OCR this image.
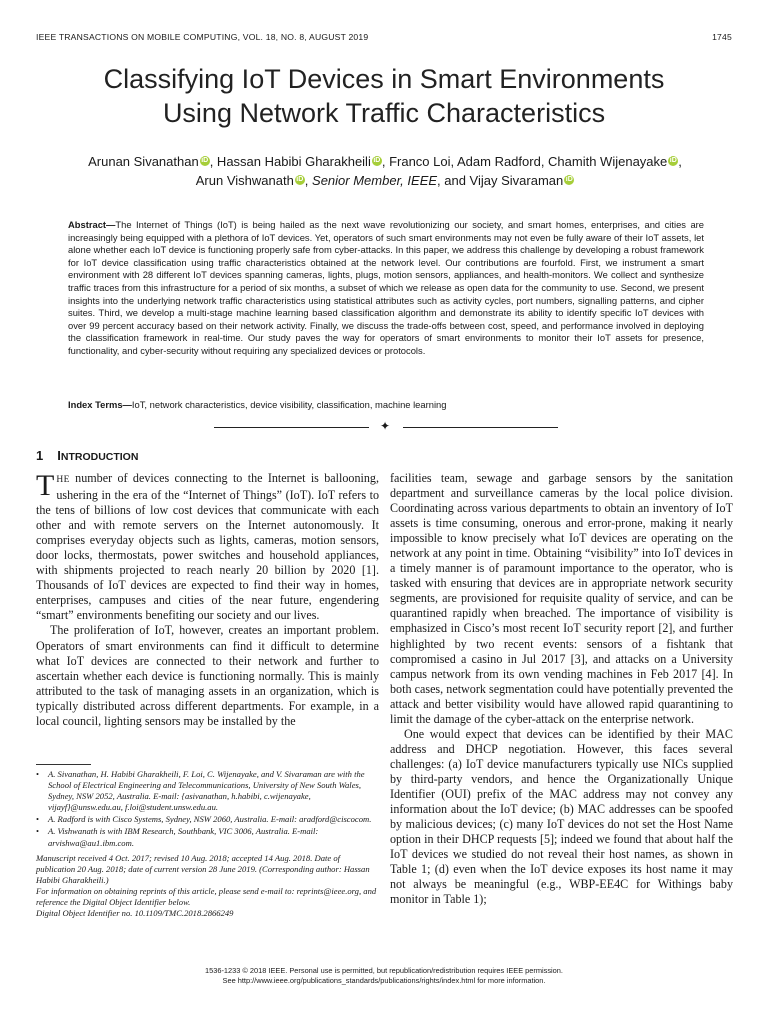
IEEE TRANSACTIONS ON MOBILE COMPUTING, VOL. 18, NO. 8, AUGUST 2019	1745
Classifying IoT Devices in Smart Environments
Using Network Traffic Characteristics
Arunan Sivanathan iD , Hassan Habibi Gharakheili iD , Franco Loi, Adam Radford, Chamith Wijenayake iD ,
Arun Vishwanath iD , Senior Member, IEEE, and Vijay Sivaraman iD
Abstract—The Internet of Things (IoT) is being hailed as the next wave revolutionizing our society, and smart homes, enterprises, and cities are increasingly being equipped with a plethora of IoT devices. Yet, operators of such smart environments may not even be fully aware of their IoT assets, let alone whether each IoT device is functioning properly safe from cyber-attacks. In this paper, we address this challenge by developing a robust framework for IoT device classification using traffic characteristics obtained at the network level. Our contributions are fourfold. First, we instrument a smart environment with 28 different IoT devices spanning cameras, lights, plugs, motion sensors, appliances, and health-monitors. We collect and synthesize traffic traces from this infrastructure for a period of six months, a subset of which we release as open data for the community to use. Second, we present insights into the underlying network traffic characteristics using statistical attributes such as activity cycles, port numbers, signalling patterns, and cipher suites. Third, we develop a multi-stage machine learning based classification algorithm and demonstrate its ability to identify specific IoT devices with over 99 percent accuracy based on their network activity. Finally, we discuss the trade-offs between cost, speed, and performance involved in deploying the classification framework in real-time. Our study paves the way for operators of smart environments to monitor their IoT assets for presence, functionality, and cyber-security without requiring any specialized devices or protocols.
Index Terms—IoT, network characteristics, device visibility, classification, machine learning
✦
1 INTRODUCTION

THE number of devices connecting to the Internet is ballooning, ushering in the era of the “Internet of Things” (IoT). IoT refers to the tens of billions of low cost devices that communicate with each other and with remote servers on the Internet autonomously. It comprises everyday objects such as lights, cameras, motion sensors, door locks, thermostats, power switches and household appliances, with shipments projected to reach nearly 20 billion by 2020 [1]. Thousands of IoT devices are expected to find their way in homes, enterprises, campuses and cities of the near future, engendering “smart” environments benefiting our society and our lives.

The proliferation of IoT, however, creates an important problem. Operators of smart environments can find it difficult to determine what IoT devices are connected to their network and further to ascertain whether each device is functioning normally. This is mainly attributed to the task of managing assets in an organization, which is typically distributed across different departments. For example, in a local council, lighting sensors may be installed by the

facilities team, sewage and garbage sensors by the sanitation department and surveillance cameras by the local police division. Coordinating across various departments to obtain an inventory of IoT assets is time consuming, onerous and error-prone, making it nearly impossible to know precisely what IoT devices are operating on the network at any point in time. Obtaining “visibility” into IoT devices in a timely manner is of paramount importance to the operator, who is tasked with ensuring that devices are in appropriate network security segments, are provisioned for requisite quality of service, and can be quarantined rapidly when breached. The importance of visibility is emphasized in Cisco’s most recent IoT security report [2], and further highlighted by two recent events: sensors of a fishtank that compromised a casino in Jul 2017 [3], and attacks on a University campus network from its own vending machines in Feb 2017 [4]. In both cases, network segmentation could have potentially prevented the attack and better visibility would have allowed rapid quarantining to limit the damage of the cyber-attack on the enterprise network.

One would expect that devices can be identified by their MAC address and DHCP negotiation. However, this faces several challenges: (a) IoT device manufacturers typically use NICs supplied by third-party vendors, and hence the Organizationally Unique Identifier (OUI) prefix of the MAC address may not convey any information about the IoT device; (b) MAC addresses can be spoofed by malicious devices; (c) many IoT devices do not set the Host Name option in their DHCP requests [5]; indeed we found that about half the IoT devices we studied do not reveal their host names, as shown in Table 1; (d) even when the IoT device exposes its host name it may not always be meaningful (e.g., WBP-EE4C for Withings baby monitor in Table 1);

• A. Sivanathan, H. Habibi Gharakheili, F. Loi, C. Wijenayake, and V. Sivaraman are with the School of Electrical Engineering and Telecommunications, University of New South Wales, Sydney, NSW 2052, Australia. E-mail: {asivanathan, h.habibi, c.wijenayake, vijayf}@unsw.edu.au, f.loi@student.unsw.edu.au.
• A. Radford is with Cisco Systems, Sydney, NSW 2060, Australia. E-mail: aradford@ciscocom.
• A. Vishwanath is with IBM Research, Southbank, VIC 3006, Australia. E-mail: arvishwa@au1.ibm.com.

Manuscript received 4 Oct. 2017; revised 10 Aug. 2018; accepted 14 Aug. 2018. Date of publication 20 Aug. 2018; date of current version 28 June 2019. (Corresponding author: Hassan Habibi Gharakheili.)

For information on obtaining reprints of this article, please send e-mail to: reprints@ieee.org, and reference the Digital Object Identifier below.

Digital Object Identifier no. 10.1109/TMC.2018.2866249

1536-1233 © 2018 IEEE. Personal use is permitted, but republication/redistribution requires IEEE permission.
See http://www.ieee.org/publications_standards/publications/rights/index.html for more information.
